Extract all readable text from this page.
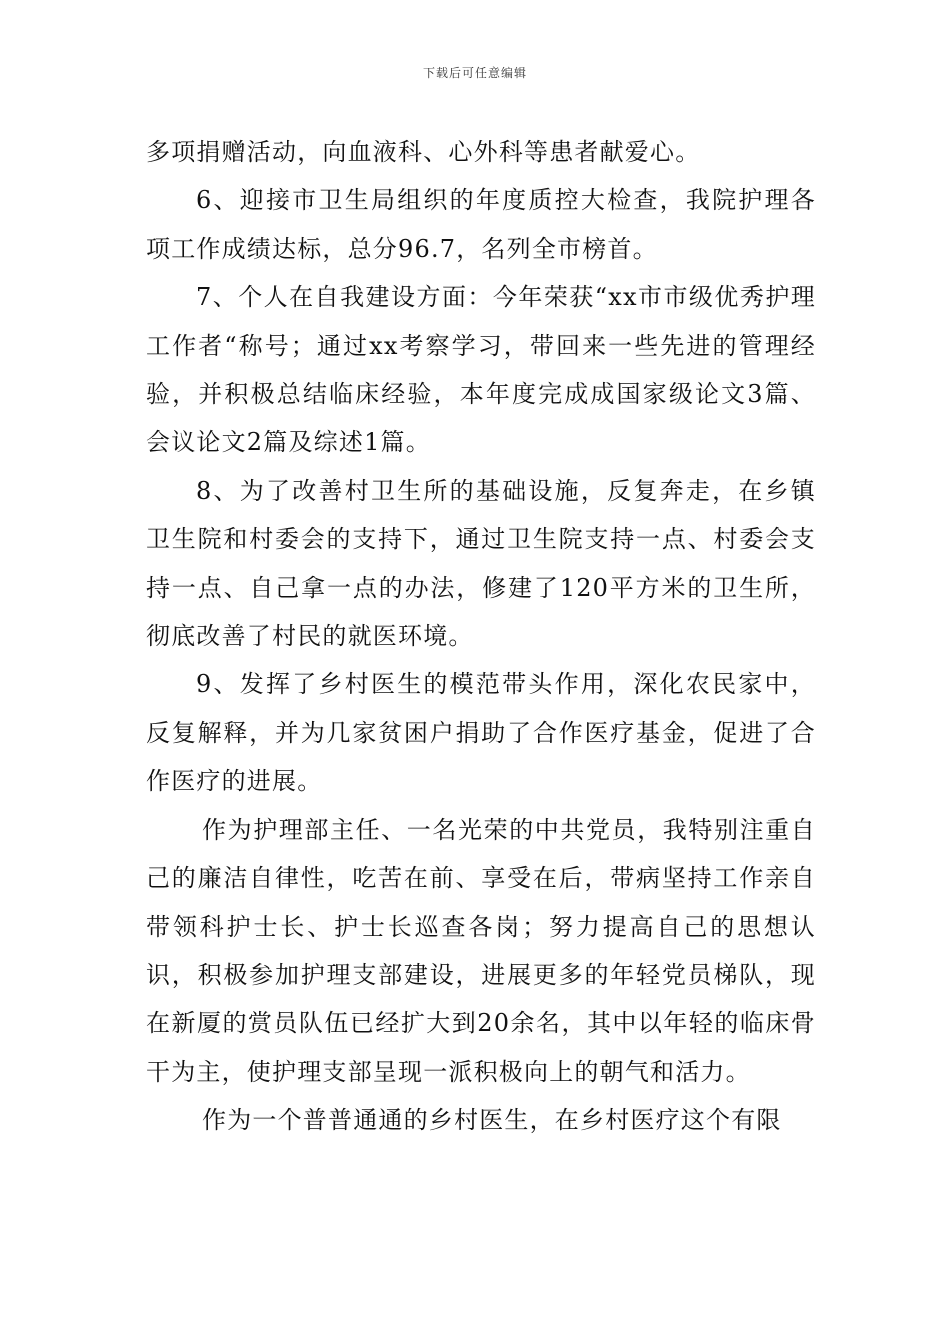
下载后可任意编辑

多项捐赠活动，向血液科、心外科等患者献爱心。

6、迎接市卫生局组织的年度质控大检查，我院护理各项工作成绩达标，总分96.7，名列全市榜首。

7、个人在自我建设方面：今年荣获“xx市市级优秀护理工作者“称号；通过xx考察学习，带回来一些先进的管理经验，并积极总结临床经验，本年度完成成国家级论文3篇、会议论文2篇及综述1篇。

8、为了改善村卫生所的基础设施，反复奔走，在乡镇卫生院和村委会的支持下，通过卫生院支持一点、村委会支持一点、自己拿一点的办法，修建了120平方米的卫生所，彻底改善了村民的就医环境。

9、发挥了乡村医生的模范带头作用，深化农民家中，反复解释，并为几家贫困户捐助了合作医疗基金，促进了合作医疗的进展。

作为护理部主任、一名光荣的中共党员，我特别注重自己的廉洁自律性，吃苦在前、享受在后，带病坚持工作亲自带领科护士长、护士长巡查各岗；努力提高自己的思想认识，积极参加护理支部建设，进展更多的年轻党员梯队，现在新厦的赏员队伍已经扩大到20余名，其中以年轻的临床骨干为主，使护理支部呈现一派积极向上的朝气和活力。

作为一个普普通通的乡村医生，在乡村医疗这个有限
